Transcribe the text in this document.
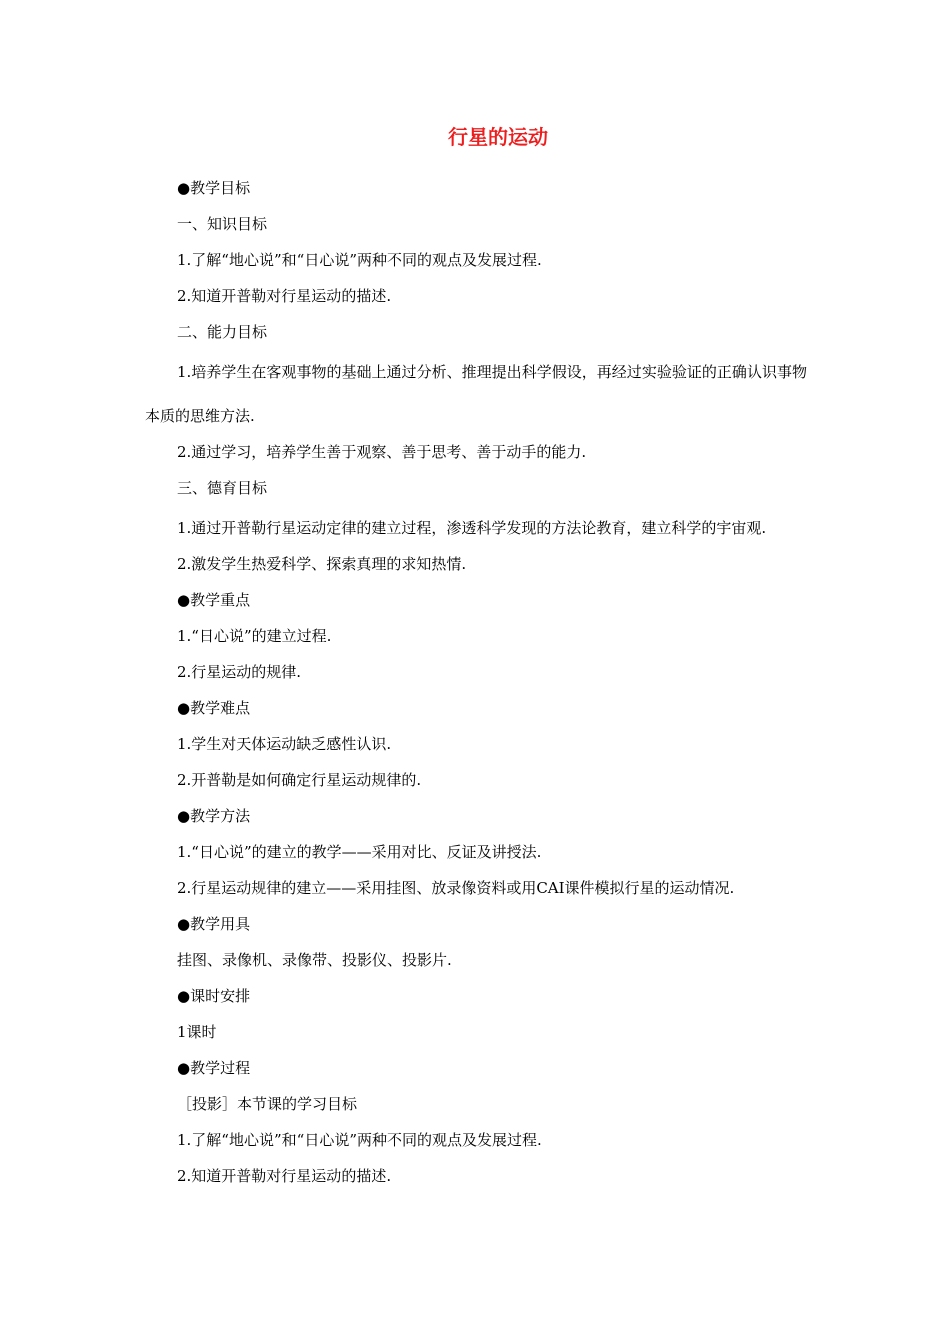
行星的运动
●教学目标
一、知识目标
1.了解“地心说”和“日心说”两种不同的观点及发展过程.
2.知道开普勒对行星运动的描述.
二、能力目标
1.培养学生在客观事物的基础上通过分析、推理提出科学假设，再经过实验验证的正确认识事物本质的思维方法.
2.通过学习，培养学生善于观察、善于思考、善于动手的能力.
三、德育目标
1.通过开普勒行星运动定律的建立过程，渗透科学发现的方法论教育，建立科学的宇宙观.
2.激发学生热爱科学、探索真理的求知热情.
●教学重点
1.“日心说”的建立过程.
2.行星运动的规律.
●教学难点
1.学生对天体运动缺乏感性认识.
2.开普勒是如何确定行星运动规律的.
●教学方法
1.“日心说”的建立的教学——采用对比、反证及讲授法.
2.行星运动规律的建立——采用挂图、放录像资料或用CAI课件模拟行星的运动情况.
●教学用具
挂图、录像机、录像带、投影仪、投影片.
●课时安排
1课时
●教学过程
［投影］本节课的学习目标
1.了解“地心说”和“日心说”两种不同的观点及发展过程.
2.知道开普勒对行星运动的描述.
